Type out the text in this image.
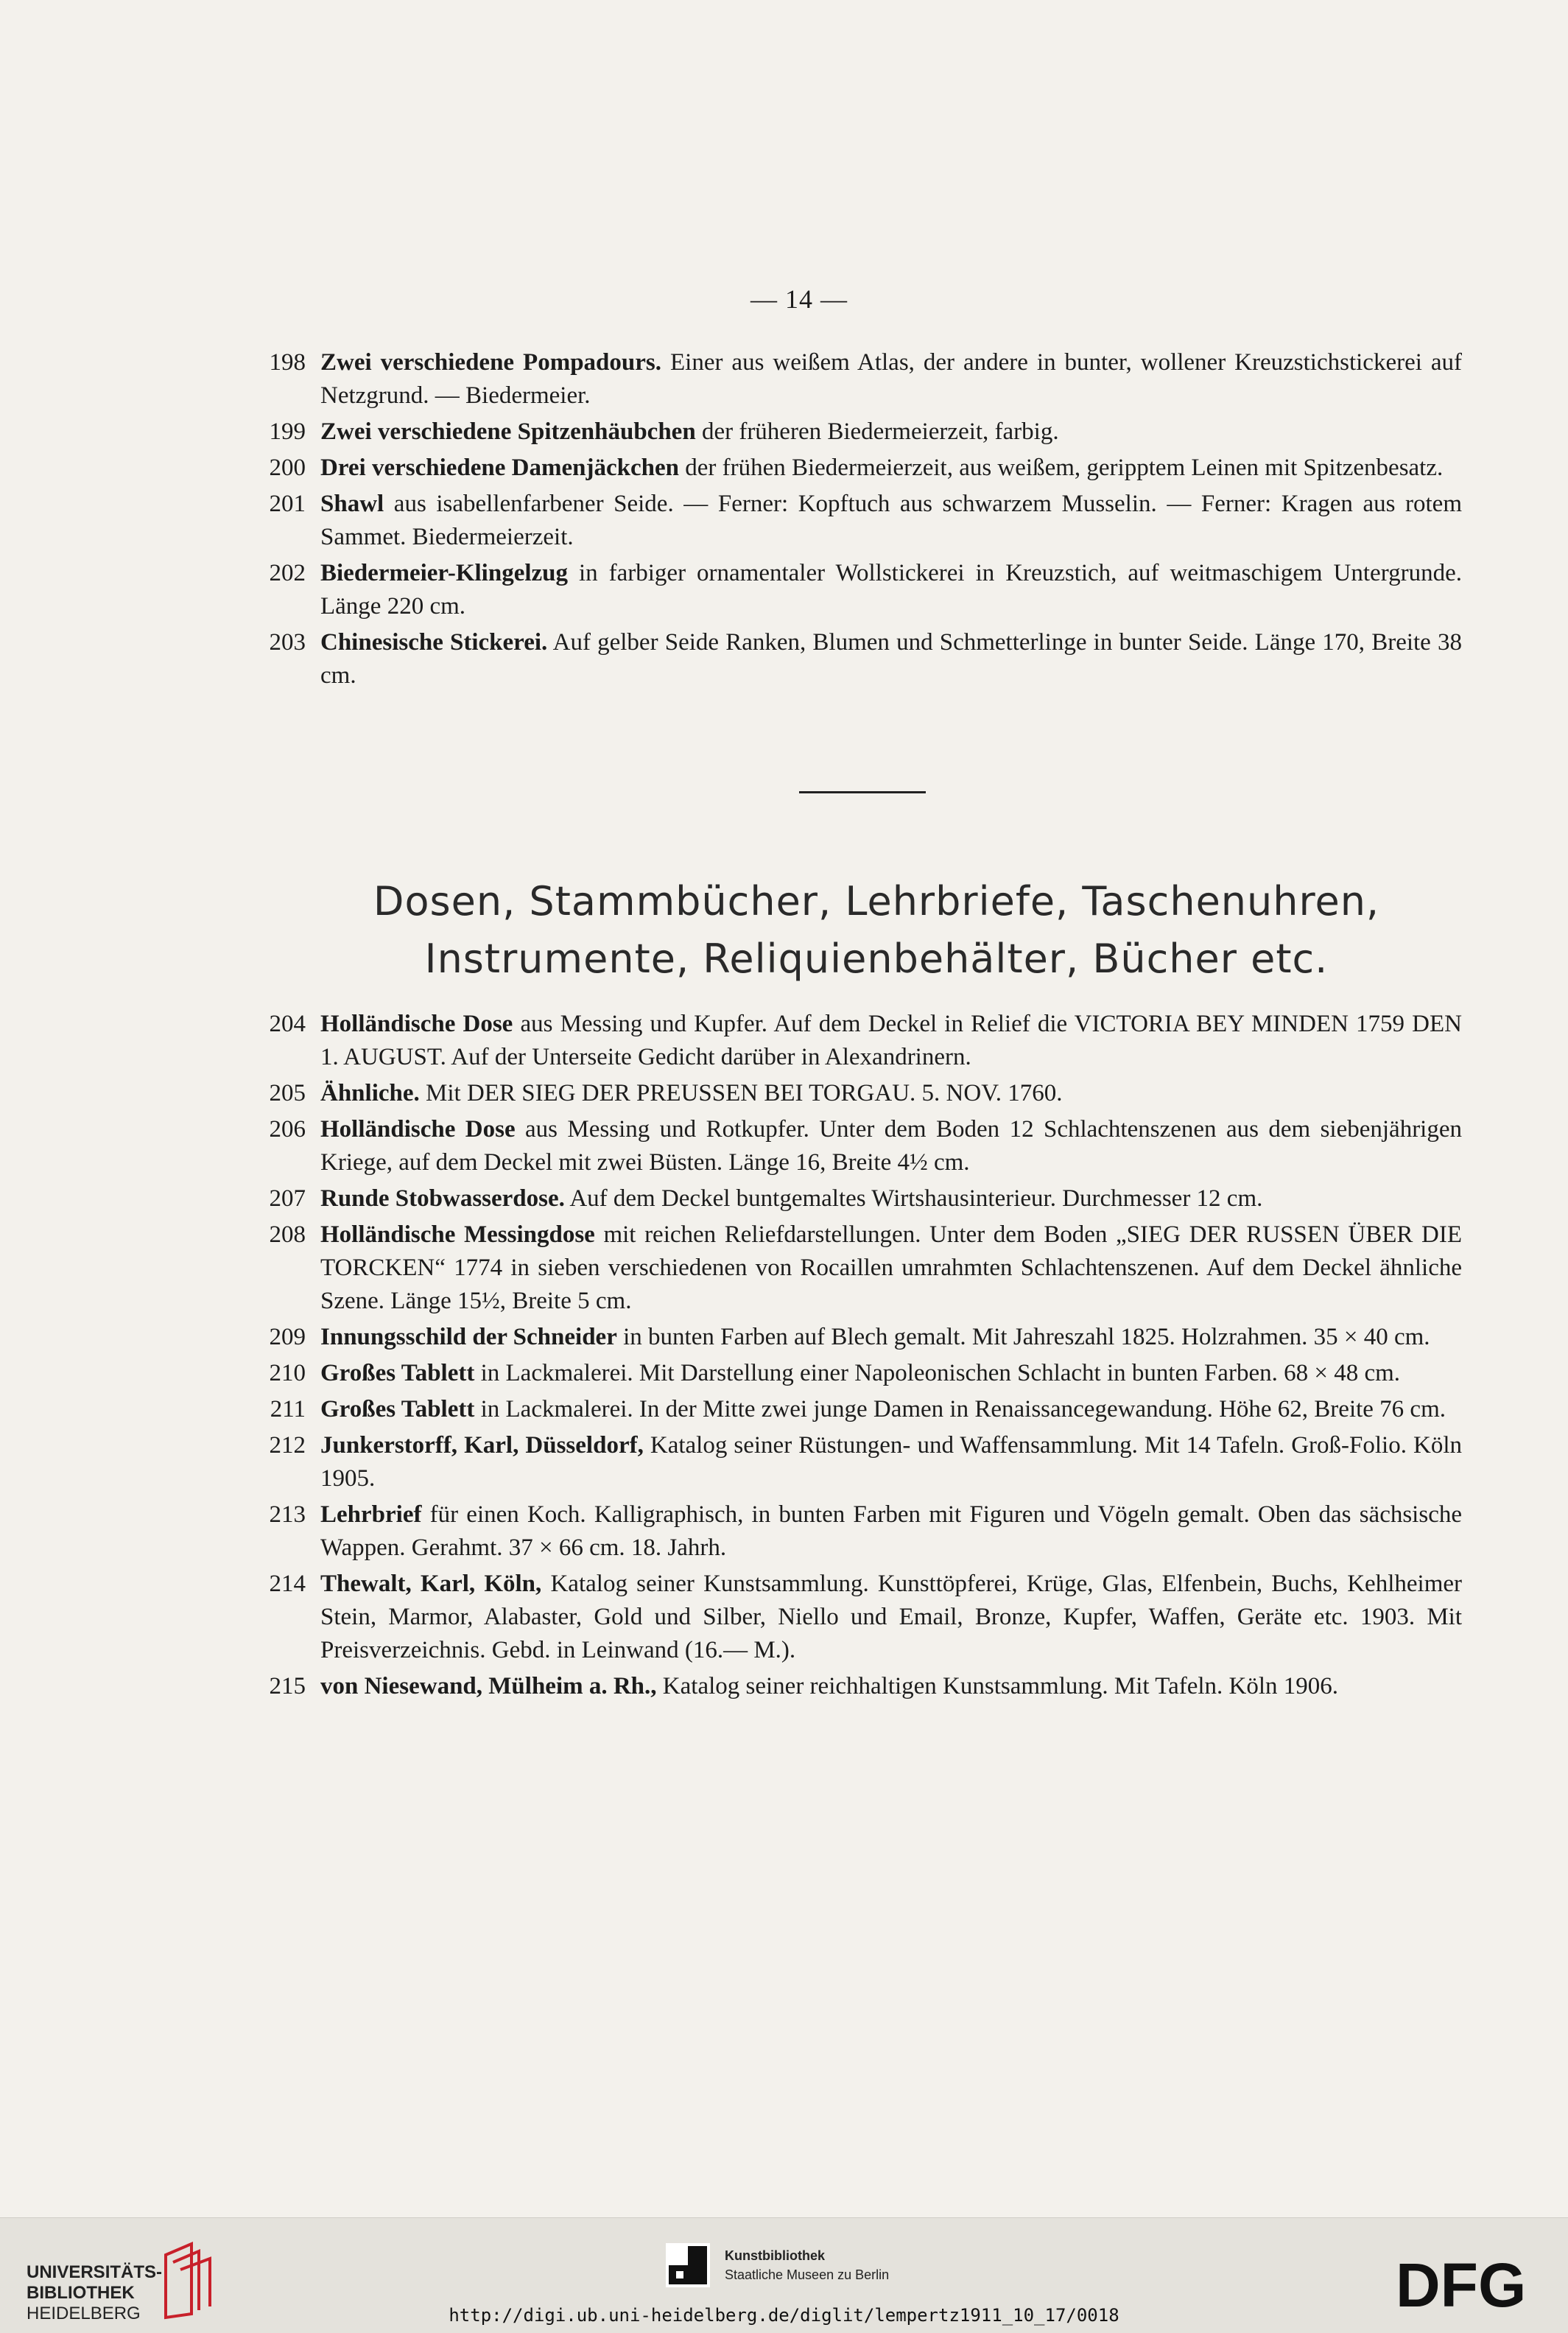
— 14 —
198 Zwei verschiedene Pompadours. Einer aus weißem Atlas, der andere in bunter, wollener Kreuzstichstickerei auf Netzgrund. — Biedermeier.
199 Zwei verschiedene Spitzenhäubchen der früheren Biedermeierzeit, farbig.
200 Drei verschiedene Damenjäckchen der frühen Biedermeierzeit, aus weißem, geripptem Leinen mit Spitzenbesatz.
201 Shawl aus isabellenfarbener Seide. — Ferner: Kopftuch aus schwarzem Musselin. — Ferner: Kragen aus rotem Sammet. Biedermeierzeit.
202 Biedermeier-Klingelzug in farbiger ornamentaler Wollstickerei in Kreuzstich, auf weitmaschigem Untergrunde. Länge 220 cm.
203 Chinesische Stickerei. Auf gelber Seide Ranken, Blumen und Schmetterlinge in bunter Seide. Länge 170, Breite 38 cm.
Dosen, Stammbücher, Lehrbriefe, Taschenuhren,
Instrumente, Reliquienbehälter, Bücher etc.
204 Holländische Dose aus Messing und Kupfer. Auf dem Deckel in Relief die VICTORIA BEY MINDEN 1759 DEN 1. AUGUST. Auf der Unterseite Gedicht darüber in Alexandrinern.
205 Ähnliche. Mit DER SIEG DER PREUSSEN BEI TORGAU. 5. NOV. 1760.
206 Holländische Dose aus Messing und Rotkupfer. Unter dem Boden 12 Schlachtenszenen aus dem siebenjährigen Kriege, auf dem Deckel mit zwei Büsten. Länge 16, Breite 4½ cm.
207 Runde Stobwasserdose. Auf dem Deckel buntgemaltes Wirtshausinterieur. Durchmesser 12 cm.
208 Holländische Messingdose mit reichen Reliefdarstellungen. Unter dem Boden „SIEG DER RUSSEN ÜBER DIE TORCKEN“ 1774 in sieben verschiedenen von Rocaillen umrahmten Schlachtenszenen. Auf dem Deckel ähnliche Szene. Länge 15½, Breite 5 cm.
209 Innungsschild der Schneider in bunten Farben auf Blech gemalt. Mit Jahreszahl 1825. Holzrahmen. 35 × 40 cm.
210 Großes Tablett in Lackmalerei. Mit Darstellung einer Napoleonischen Schlacht in bunten Farben. 68 × 48 cm.
211 Großes Tablett in Lackmalerei. In der Mitte zwei junge Damen in Renaissancegewandung. Höhe 62, Breite 76 cm.
212 Junkerstorff, Karl, Düsseldorf, Katalog seiner Rüstungen- und Waffensammlung. Mit 14 Tafeln. Groß-Folio. Köln 1905.
213 Lehrbrief für einen Koch. Kalligraphisch, in bunten Farben mit Figuren und Vögeln gemalt. Oben das sächsische Wappen. Gerahmt. 37 × 66 cm. 18. Jahrh.
214 Thewalt, Karl, Köln, Katalog seiner Kunstsammlung. Kunsttöpferei, Krüge, Glas, Elfenbein, Buchs, Kehlheimer Stein, Marmor, Alabaster, Gold und Silber, Niello und Email, Bronze, Kupfer, Waffen, Geräte etc. 1903. Mit Preisverzeichnis. Gebd. in Leinwand (16.— M.).
215 von Niesewand, Mülheim a. Rh., Katalog seiner reichhaltigen Kunstsammlung. Mit Tafeln. Köln 1906.
UNIVERSITÄTS-
BIBLIOTHEK
HEIDELBERG
Kunstbibliothek
Staatliche Museen zu Berlin	DFG
http://digi.ub.uni-heidelberg.de/diglit/lempertz1911_10_17/0018
